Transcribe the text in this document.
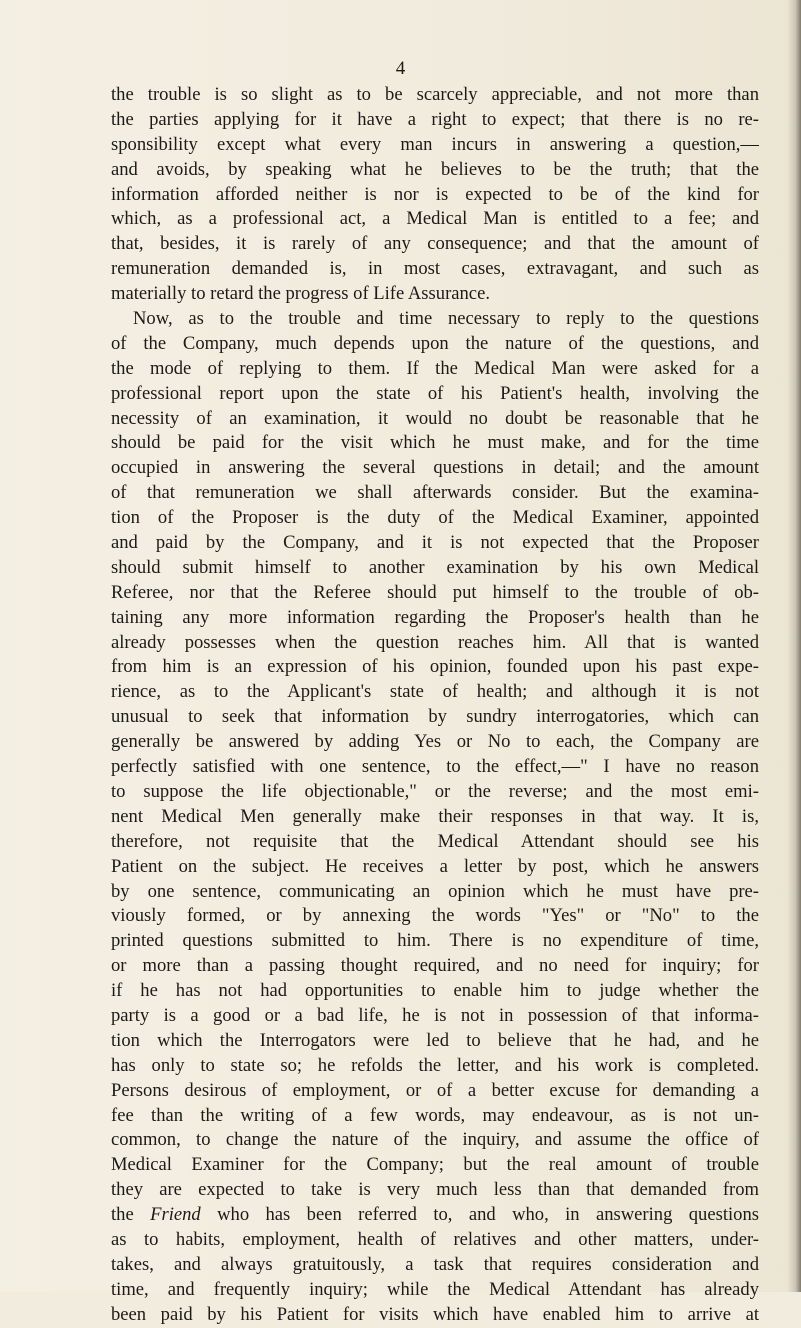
4
the trouble is so slight as to be scarcely appreciable, and not more than
the parties applying for it have a right to expect; that there is no re-
sponsibility except what every man incurs in answering a question,—
and avoids, by speaking what he believes to be the truth; that the
information afforded neither is nor is expected to be of the kind for
which, as a professional act, a Medical Man is entitled to a fee; and
that, besides, it is rarely of any consequence; and that the amount of
remuneration demanded is, in most cases, extravagant, and such as
materially to retard the progress of Life Assurance.
Now, as to the trouble and time necessary to reply to the questions
of the Company, much depends upon the nature of the questions, and
the mode of replying to them. If the Medical Man were asked for a
professional report upon the state of his Patient's health, involving the
necessity of an examination, it would no doubt be reasonable that he
should be paid for the visit which he must make, and for the time
occupied in answering the several questions in detail; and the amount
of that remuneration we shall afterwards consider. But the examina-
tion of the Proposer is the duty of the Medical Examiner, appointed
and paid by the Company, and it is not expected that the Proposer
should submit himself to another examination by his own Medical
Referee, nor that the Referee should put himself to the trouble of ob-
taining any more information regarding the Proposer's health than he
already possesses when the question reaches him. All that is wanted
from him is an expression of his opinion, founded upon his past expe-
rience, as to the Applicant's state of health; and although it is not
unusual to seek that information by sundry interrogatories, which can
generally be answered by adding Yes or No to each, the Company are
perfectly satisfied with one sentence, to the effect,—" I have no reason
to suppose the life objectionable," or the reverse; and the most emi-
nent Medical Men generally make their responses in that way. It is,
therefore, not requisite that the Medical Attendant should see his
Patient on the subject. He receives a letter by post, which he answers
by one sentence, communicating an opinion which he must have pre-
viously formed, or by annexing the words "Yes" or "No" to the
printed questions submitted to him. There is no expenditure of time,
or more than a passing thought required, and no need for inquiry; for
if he has not had opportunities to enable him to judge whether the
party is a good or a bad life, he is not in possession of that informa-
tion which the Interrogators were led to believe that he had, and he
has only to state so; he refolds the letter, and his work is completed.
Persons desirous of employment, or of a better excuse for demanding a
fee than the writing of a few words, may endeavour, as is not un-
common, to change the nature of the inquiry, and assume the office of
Medical Examiner for the Company; but the real amount of trouble
they are expected to take is very much less than that demanded from
the Friend who has been referred to, and who, in answering questions
as to habits, employment, health of relatives and other matters, under-
takes, and always gratuitously, a task that requires consideration and
time, and frequently inquiry; while the Medical Attendant has already
been paid by his Patient for visits which have enabled him to arrive at
